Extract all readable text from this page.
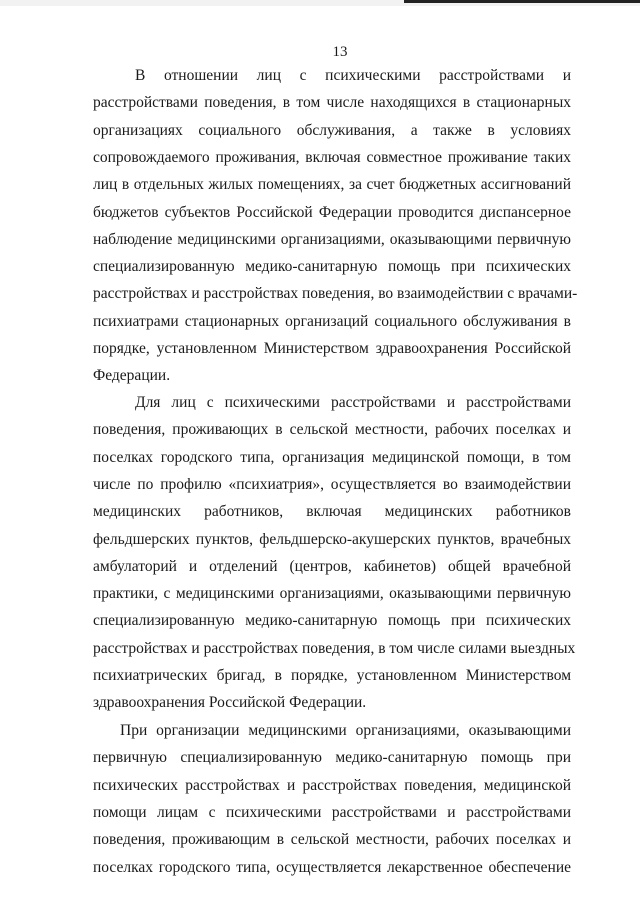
13
В отношении лиц с психическими расстройствами и
расстройствами поведения, в том числе находящихся в стационарных
организациях социального обслуживания, а также в условиях
сопровождаемого проживания, включая совместное проживание таких
лиц в отдельных жилых помещениях, за счет бюджетных ассигнований
бюджетов субъектов Российской Федерации проводится диспансерное
наблюдение медицинскими организациями, оказывающими первичную
специализированную медико-санитарную помощь при психических
расстройствах и расстройствах поведения, во взаимодействии с врачами-
психиатрами стационарных организаций социального обслуживания в
порядке, установленном Министерством здравоохранения Российской
Федерации.
Для лиц с психическими расстройствами и расстройствами
поведения, проживающих в сельской местности, рабочих поселках и
поселках городского типа, организация медицинской помощи, в том
числе по профилю «психиатрия», осуществляется во взаимодействии
медицинских работников, включая медицинских работников
фельдшерских пунктов, фельдшерско-акушерских пунктов, врачебных
амбулаторий и отделений (центров, кабинетов) общей врачебной
практики, с медицинскими организациями, оказывающими первичную
специализированную медико-санитарную помощь при психических
расстройствах и расстройствах поведения, в том числе силами выездных
психиатрических бригад, в порядке, установленном Министерством
здравоохранения Российской Федерации.
При организации медицинскими организациями, оказывающими
первичную специализированную медико-санитарную помощь при
психических расстройствах и расстройствах поведения, медицинской
помощи лицам с психическими расстройствами и расстройствами
поведения, проживающим в сельской местности, рабочих поселках и
поселках городского типа, осуществляется лекарственное обеспечение
